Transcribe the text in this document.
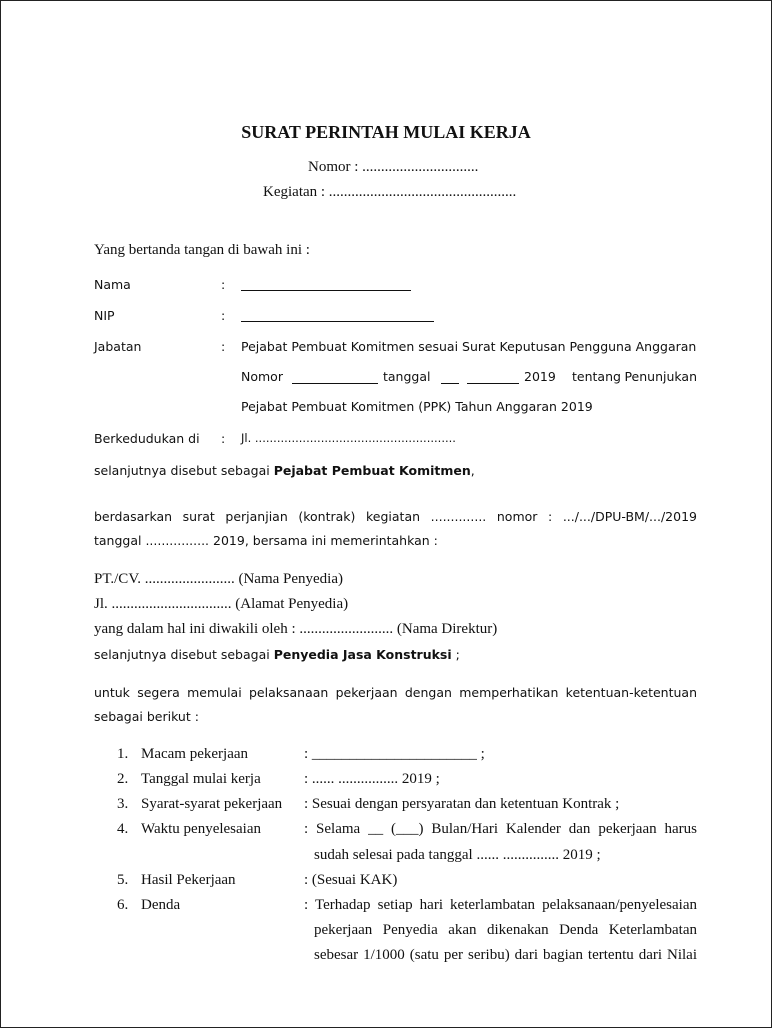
SURAT PERINTAH MULAI KERJA
Nomor : ...............................
Kegiatan : ..................................................
Yang bertanda tangan di bawah ini :
Nama	:
NIP	:
Jabatan	: Pejabat Pembuat Komitmen sesuai Surat Keputusan Pengguna Anggaran
Nomor	tanggal	2019 tentang Penunjukan
Pejabat Pembuat Komitmen (PPK) Tahun Anggaran 2019
Berkedudukan di : Jl. .......................................................
selanjutnya disebut sebagai Pejabat Pembuat Komitmen,
berdasarkan surat perjanjian (kontrak) kegiatan .............. nomor : .../.../DPU-BM/.../2019
tanggal ................ 2019, bersama ini memerintahkan :
PT./CV. ........................ (Nama Penyedia)
Jl. ................................ (Alamat Penyedia)
yang dalam hal ini diwakili oleh : ......................... (Nama Direktur)
selanjutnya disebut sebagai Penyedia Jasa Konstruksi ;
untuk segera memulai pelaksanaan pekerjaan dengan memperhatikan ketentuan-ketentuan
sebagai berikut :
1. Macam pekerjaan	: ______________________ ;
2. Tanggal mulai kerja	: ...... ................ 2019 ;
3. Syarat-syarat pekerjaan : Sesuai dengan persyaratan dan ketentuan Kontrak ;
4. Waktu penyelesaian	: Selama __ (___) Bulan/Hari Kalender dan pekerjaan harus
sudah selesai pada tanggal ...... ............... 2019 ;
5. Hasil Pekerjaan	: (Sesuai KAK)
6. Denda	: Terhadap setiap hari keterlambatan pelaksanaan/penyelesaian
pekerjaan Penyedia akan dikenakan Denda Keterlambatan
sebesar 1/1000 (satu per seribu) dari bagian tertentu dari Nilai
